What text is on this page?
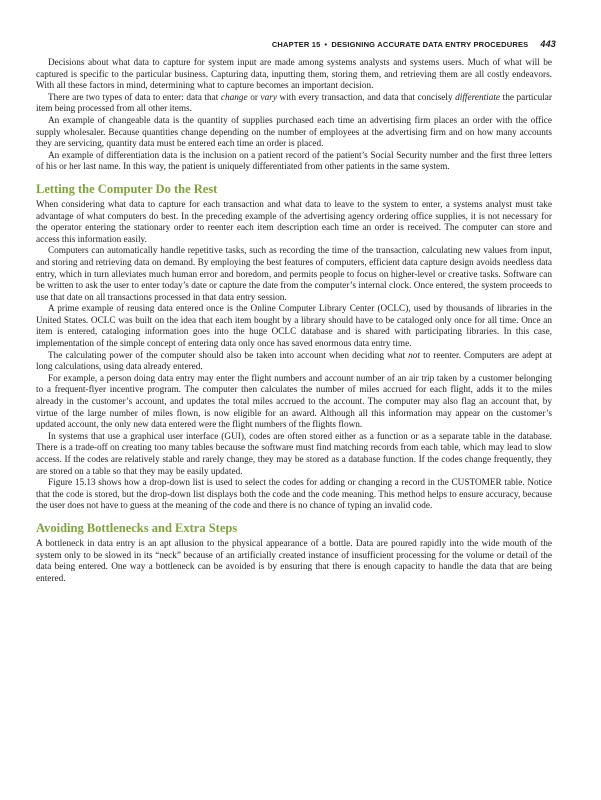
CHAPTER 15 • DESIGNING ACCURATE DATA ENTRY PROCEDURES 443

Decisions about what data to capture for system input are made among systems analysts and systems users. Much of what will be captured is specific to the particular business. Capturing data, inputting them, storing them, and retrieving them are all costly endeavors. With all these factors in mind, determining what to capture becomes an important decision.

There are two types of data to enter: data that change or vary with every transaction, and data that concisely differentiate the particular item being processed from all other items.

An example of changeable data is the quantity of supplies purchased each time an advertising firm places an order with the office supply wholesaler. Because quantities change depending on the number of employees at the advertising firm and on how many accounts they are servicing, quantity data must be entered each time an order is placed.

An example of differentiation data is the inclusion on a patient record of the patient’s Social Security number and the first three letters of his or her last name. In this way, the patient is uniquely differentiated from other patients in the same system.

Letting the Computer Do the Rest

When considering what data to capture for each transaction and what data to leave to the system to enter, a systems analyst must take advantage of what computers do best. In the preceding example of the advertising agency ordering office supplies, it is not necessary for the operator entering the stationary order to reenter each item description each time an order is received. The computer can store and access this information easily.

Computers can automatically handle repetitive tasks, such as recording the time of the transaction, calculating new values from input, and storing and retrieving data on demand. By employing the best features of computers, efficient data capture design avoids needless data entry, which in turn alleviates much human error and boredom, and permits people to focus on higher-level or creative tasks. Software can be written to ask the user to enter today’s date or capture the date from the computer’s internal clock. Once entered, the system proceeds to use that date on all transactions processed in that data entry session.

A prime example of reusing data entered once is the Online Computer Library Center (OCLC), used by thousands of libraries in the United States. OCLC was built on the idea that each item bought by a library should have to be cataloged only once for all time. Once an item is entered, cataloging information goes into the huge OCLC database and is shared with participating libraries. In this case, implementation of the simple concept of entering data only once has saved enormous data entry time.

The calculating power of the computer should also be taken into account when deciding what not to reenter. Computers are adept at long calculations, using data already entered.

For example, a person doing data entry may enter the flight numbers and account number of an air trip taken by a customer belonging to a frequent-flyer incentive program. The computer then calculates the number of miles accrued for each flight, adds it to the miles already in the customer’s account, and updates the total miles accrued to the account. The computer may also flag an account that, by virtue of the large number of miles flown, is now eligible for an award. Although all this information may appear on the customer’s updated account, the only new data entered were the flight numbers of the flights flown.

In systems that use a graphical user interface (GUI), codes are often stored either as a function or as a separate table in the database. There is a trade-off on creating too many tables because the software must find matching records from each table, which may lead to slow access. If the codes are relatively stable and rarely change, they may be stored as a database function. If the codes change frequently, they are stored on a table so that they may be easily updated.

Figure 15.13 shows how a drop-down list is used to select the codes for adding or changing a record in the CUSTOMER table. Notice that the code is stored, but the drop-down list displays both the code and the code meaning. This method helps to ensure accuracy, because the user does not have to guess at the meaning of the code and there is no chance of typing an invalid code.

Avoiding Bottlenecks and Extra Steps

A bottleneck in data entry is an apt allusion to the physical appearance of a bottle. Data are poured rapidly into the wide mouth of the system only to be slowed in its “neck” because of an artificially created instance of insufficient processing for the volume or detail of the data being entered. One way a bottleneck can be avoided is by ensuring that there is enough capacity to handle the data that are being entered.
